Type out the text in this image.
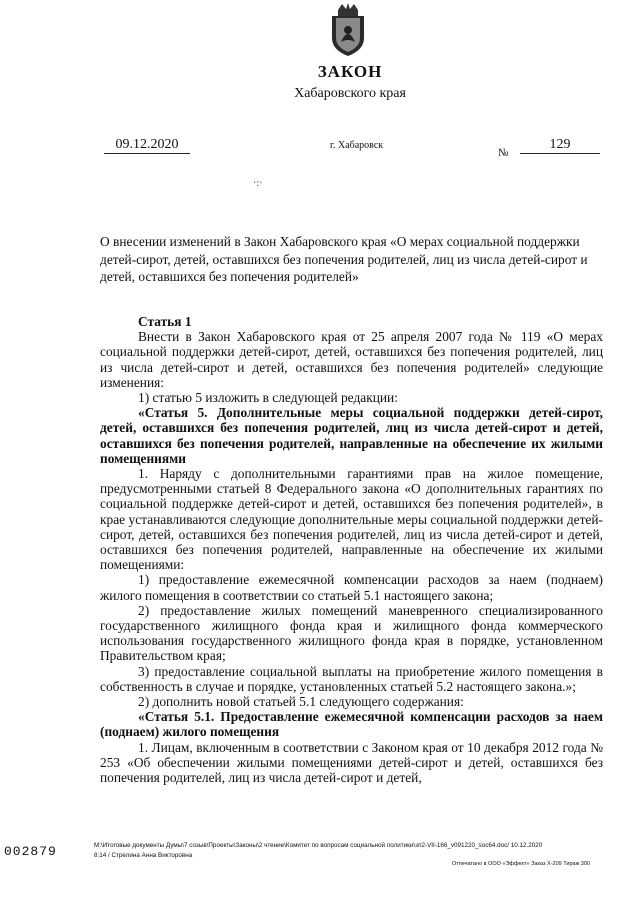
ЗАКОН
Хабаровского края
09.12.2020	г. Хабаровск
№
129
·:·
О внесении изменений в Закон Хабаровского края «О мерах социальной поддержки детей-сирот, детей, оставшихся без попечения родителей, лиц из числа детей-сирот и детей, оставшихся без попечения родителей»

Статья 1

Внести в Закон Хабаровского края от 25 апреля 2007 года № 119 «О мерах социальной поддержки детей-сирот, детей, оставшихся без попечения родителей, лиц из числа детей-сирот и детей, оставшихся без попечения родителей» следующие изменения:

1) статью 5 изложить в следующей редакции:

«Статья 5. Дополнительные меры социальной поддержки детей-сирот, детей, оставшихся без попечения родителей, лиц из числа детей-сирот и детей, оставшихся без попечения родителей, направленные на обеспечение их жилыми помещениями

1. Наряду с дополнительными гарантиями прав на жилое помещение, предусмотренными статьей 8 Федерального закона «О дополнительных гарантиях по социальной поддержке детей-сирот и детей, оставшихся без попечения родителей», в крае устанавливаются следующие дополнительные меры социальной поддержки детей-сирот, детей, оставшихся без попечения родителей, лиц из числа детей-сирот и детей, оставшихся без попечения родителей, направленные на обеспечение их жилыми помещениями:

1) предоставление ежемесячной компенсации расходов за наем (поднаем) жилого помещения в соответствии со статьей 5.1 настоящего закона;

2) предоставление жилых помещений маневренного специализированного государственного жилищного фонда края и жилищного фонда коммерческого использования государственного жилищного фонда края в порядке, установленном Правительством края;

3) предоставление социальной выплаты на приобретение жилого помещения в собственность в случае и порядке, установленных статьей 5.2 настоящего закона.»;

2) дополнить новой статьей 5.1 следующего содержания:

«Статья 5.1. Предоставление ежемесячной компенсации расходов за наем (поднаем) жилого помещения

1. Лицам, включенным в соответствии с Законом края от 10 декабря 2012 года № 253 «Об обеспечении жилыми помещениями детей-сирот и детей, оставшихся без попечения родителей, лиц из числа детей-сирот и детей,

002879	M:\Итоговые документы Думы\7 созыв\Проекты\Законы\2 чтение\Комитет по вопросам социальной политики\зп2-VII-166_v091220_soc64.doc/ 10.12.2020
8:14 / Стрелина Анна Викторовна
Отпечатано в ООО «Эффект» Заказ Х-209 Тираж 300
